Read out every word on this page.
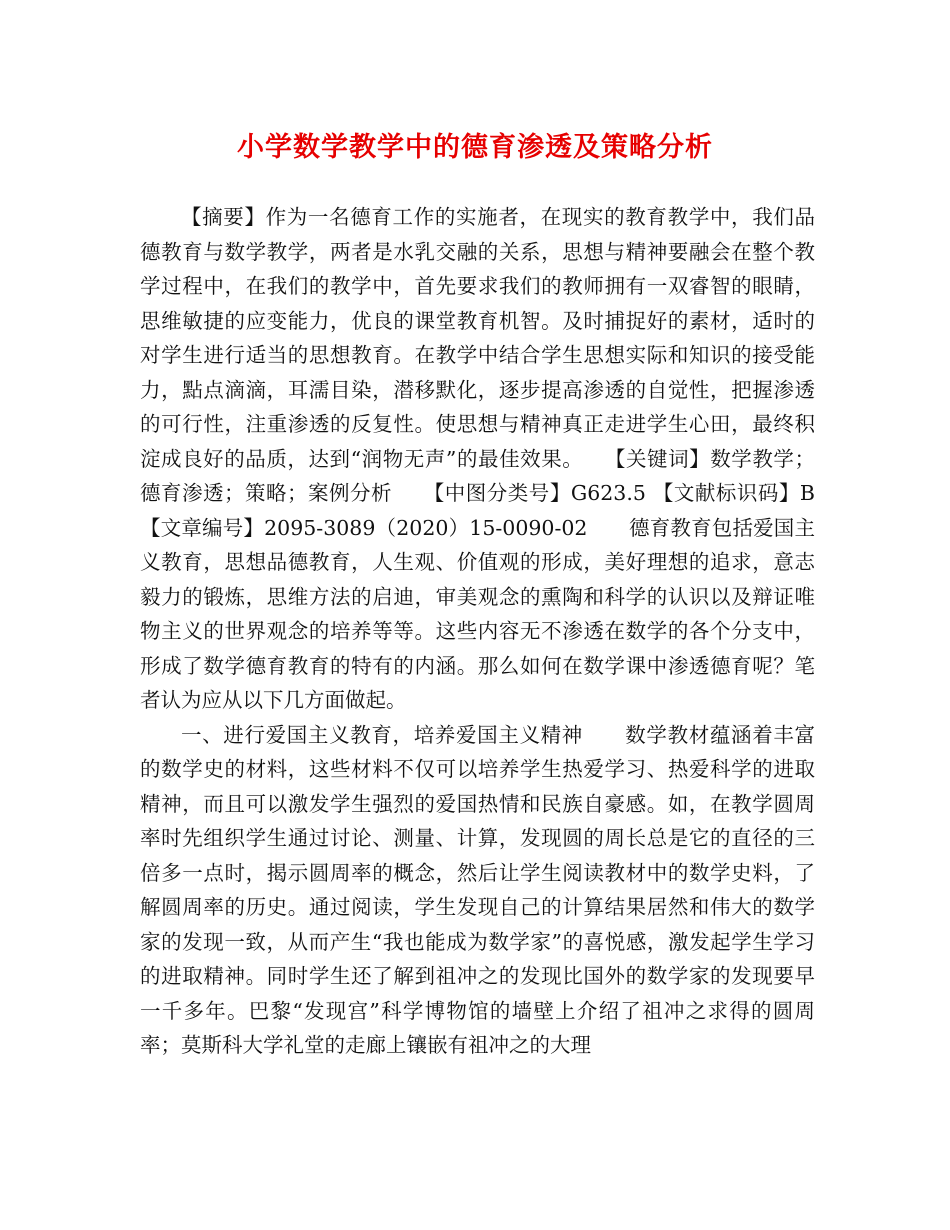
小学数学教学中的德育渗透及策略分析

【摘要】作为一名德育工作的实施者，在现实的教育教学中，我们品德教育与数学教学，两者是水乳交融的关系，思想与精神要融会在整个教学过程中，在我们的教学中，首先要求我们的教师拥有一双睿智的眼睛，思维敏捷的应变能力，优良的课堂教育机智。及时捕捉好的素材，适时的对学生进行适当的思想教育。在教学中结合学生思想实际和知识的接受能力，點点滴滴，耳濡目染，潜移默化，逐步提高渗透的自觉性，把握渗透的可行性，注重渗透的反复性。使思想与精神真正走进学生心田，最终积淀成良好的品质，达到“润物无声”的最佳效果。　　【关键词】数学教学；德育渗透；策略；案例分析　　【中图分类号】G623.5 【文献标识码】B 【文章编号】2095-3089（2020）15-0090-02　　德育教育包括爱国主义教育，思想品德教育，人生观、价值观的形成，美好理想的追求，意志毅力的锻炼，思维方法的启迪，审美观念的熏陶和科学的认识以及辩证唯物主义的世界观念的培养等等。这些内容无不渗透在数学的各个分支中，形成了数学德育教育的特有的内涵。那么如何在数学课中渗透德育呢？笔者认为应从以下几方面做起。

一、进行爱国主义教育，培养爱国主义精神　　数学教材蕴涵着丰富的数学史的材料，这些材料不仅可以培养学生热爱学习、热爱科学的进取精神，而且可以激发学生强烈的爱国热情和民族自豪感。如，在教学圆周率时先组织学生通过讨论、测量、计算，发现圆的周长总是它的直径的三倍多一点时，揭示圆周率的概念，然后让学生阅读教材中的数学史料，了解圆周率的历史。通过阅读，学生发现自己的计算结果居然和伟大的数学家的发现一致，从而产生“我也能成为数学家”的喜悦感，激发起学生学习的进取精神。同时学生还了解到祖冲之的发现比国外的数学家的发现要早一千多年。巴黎“发现宫”科学博物馆的墙壁上介绍了祖冲之求得的圆周率；莫斯科大学礼堂的走廊上镶嵌有祖冲之的大理
